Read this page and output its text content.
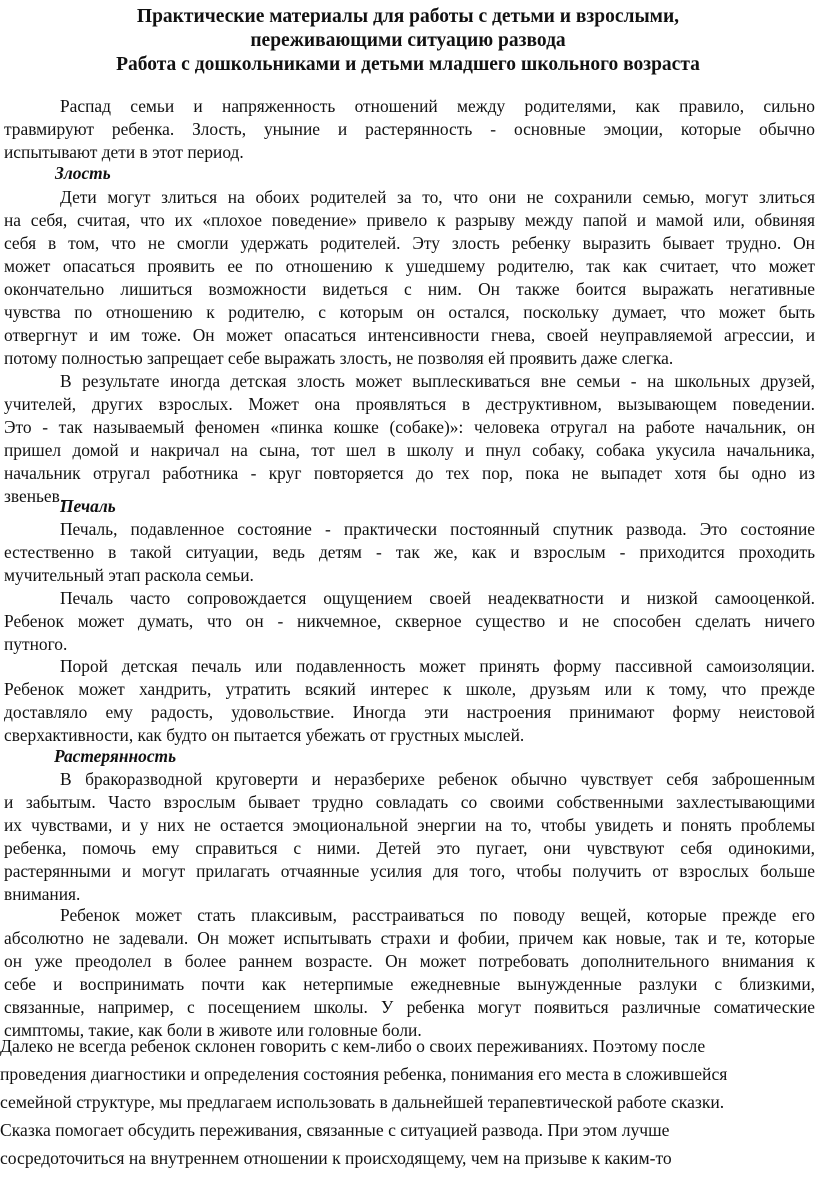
Практические материалы для работы с детьми и взрослыми,
переживающими ситуацию развода
Работа с дошкольниками и детьми младшего школьного возраста
Распад семьи и напряженность отношений между родителями, как правило, сильно
травмируют ребенка. Злость, уныние и растерянность - основные эмоции, которые обычно
испытывают дети в этот период.
Злость
Дети могут злиться на обоих родителей за то, что они не сохранили семью, могут злиться
на себя, считая, что их «плохое поведение» привело к разрыву между папой и мамой или, обвиняя
себя в том, что не смогли удержать родителей. Эту злость ребенку выразить бывает трудно. Он
может опасаться проявить ее по отношению к ушедшему родителю, так как считает, что может
окончательно лишиться возможности видеться с ним. Он также боится выражать негативные
чувства по отношению к родителю, с которым он остался, поскольку думает, что может быть
отвергнут и им тоже. Он может опасаться интенсивности гнева, своей неуправляемой агрессии, и
потому полностью запрещает себе выражать злость, не позволяя ей проявить даже слегка.
В результате иногда детская злость может выплескиваться вне семьи - на школьных друзей,
учителей, других взрослых. Может она проявляться в деструктивном, вызывающем поведении.
Это - так называемый феномен «пинка кошке (собаке)»: человека отругал на работе начальник, он
пришел домой и накричал на сына, тот шел в школу и пнул собаку, собака укусила начальника,
начальник отругал работника - круг повторяется до тех пор, пока не выпадет хотя бы одно из
звеньев.
Печаль
Печаль, подавленное состояние - практически постоянный спутник развода. Это состояние
естественно в такой ситуации, ведь детям - так же, как и взрослым - приходится проходить
мучительный этап раскола семьи.
Печаль часто сопровождается ощущением своей неадекватности и низкой самооценкой.
Ребенок может думать, что он - никчемное, скверное существо и не способен сделать ничего
путного.
Порой детская печаль или подавленность может принять форму пассивной самоизоляции.
Ребенок может хандрить, утратить всякий интерес к школе, друзьям или к тому, что прежде
доставляло ему радость, удовольствие. Иногда эти настроения принимают форму неистовой
сверхактивности, как будто он пытается убежать от грустных мыслей.
Растерянность
В бракоразводной круговерти и неразберихе ребенок обычно чувствует себя заброшенным
и забытым. Часто взрослым бывает трудно совладать со своими собственными захлестывающими
их чувствами, и у них не остается эмоциональной энергии на то, чтобы увидеть и понять проблемы
ребенка, помочь ему справиться с ними. Детей это пугает, они чувствуют себя одинокими,
растерянными и могут прилагать отчаянные усилия для того, чтобы получить от взрослых больше
внимания.
Ребенок может стать плаксивым, расстраиваться по поводу вещей, которые прежде его
абсолютно не задевали. Он может испытывать страхи и фобии, причем как новые, так и те, которые
он уже преодолел в более раннем возрасте. Он может потребовать дополнительного внимания к
себе и воспринимать почти как нетерпимые ежедневные вынужденные разлуки с близкими,
связанные, например, с посещением школы. У ребенка могут появиться различные соматические
симптомы, такие, как боли в животе или головные боли.
Далеко не всегда ребенок склонен говорить с кем-либо о своих переживаниях. Поэтому после
проведения диагностики и определения состояния ребенка, понимания его места в сложившейся
семейной структуре, мы предлагаем использовать в дальнейшей терапевтической работе сказки.
Сказка помогает обсудить переживания, связанные с ситуацией развода. При этом лучше
сосредоточиться на внутреннем отношении к происходящему, чем на призыве к каким-то
